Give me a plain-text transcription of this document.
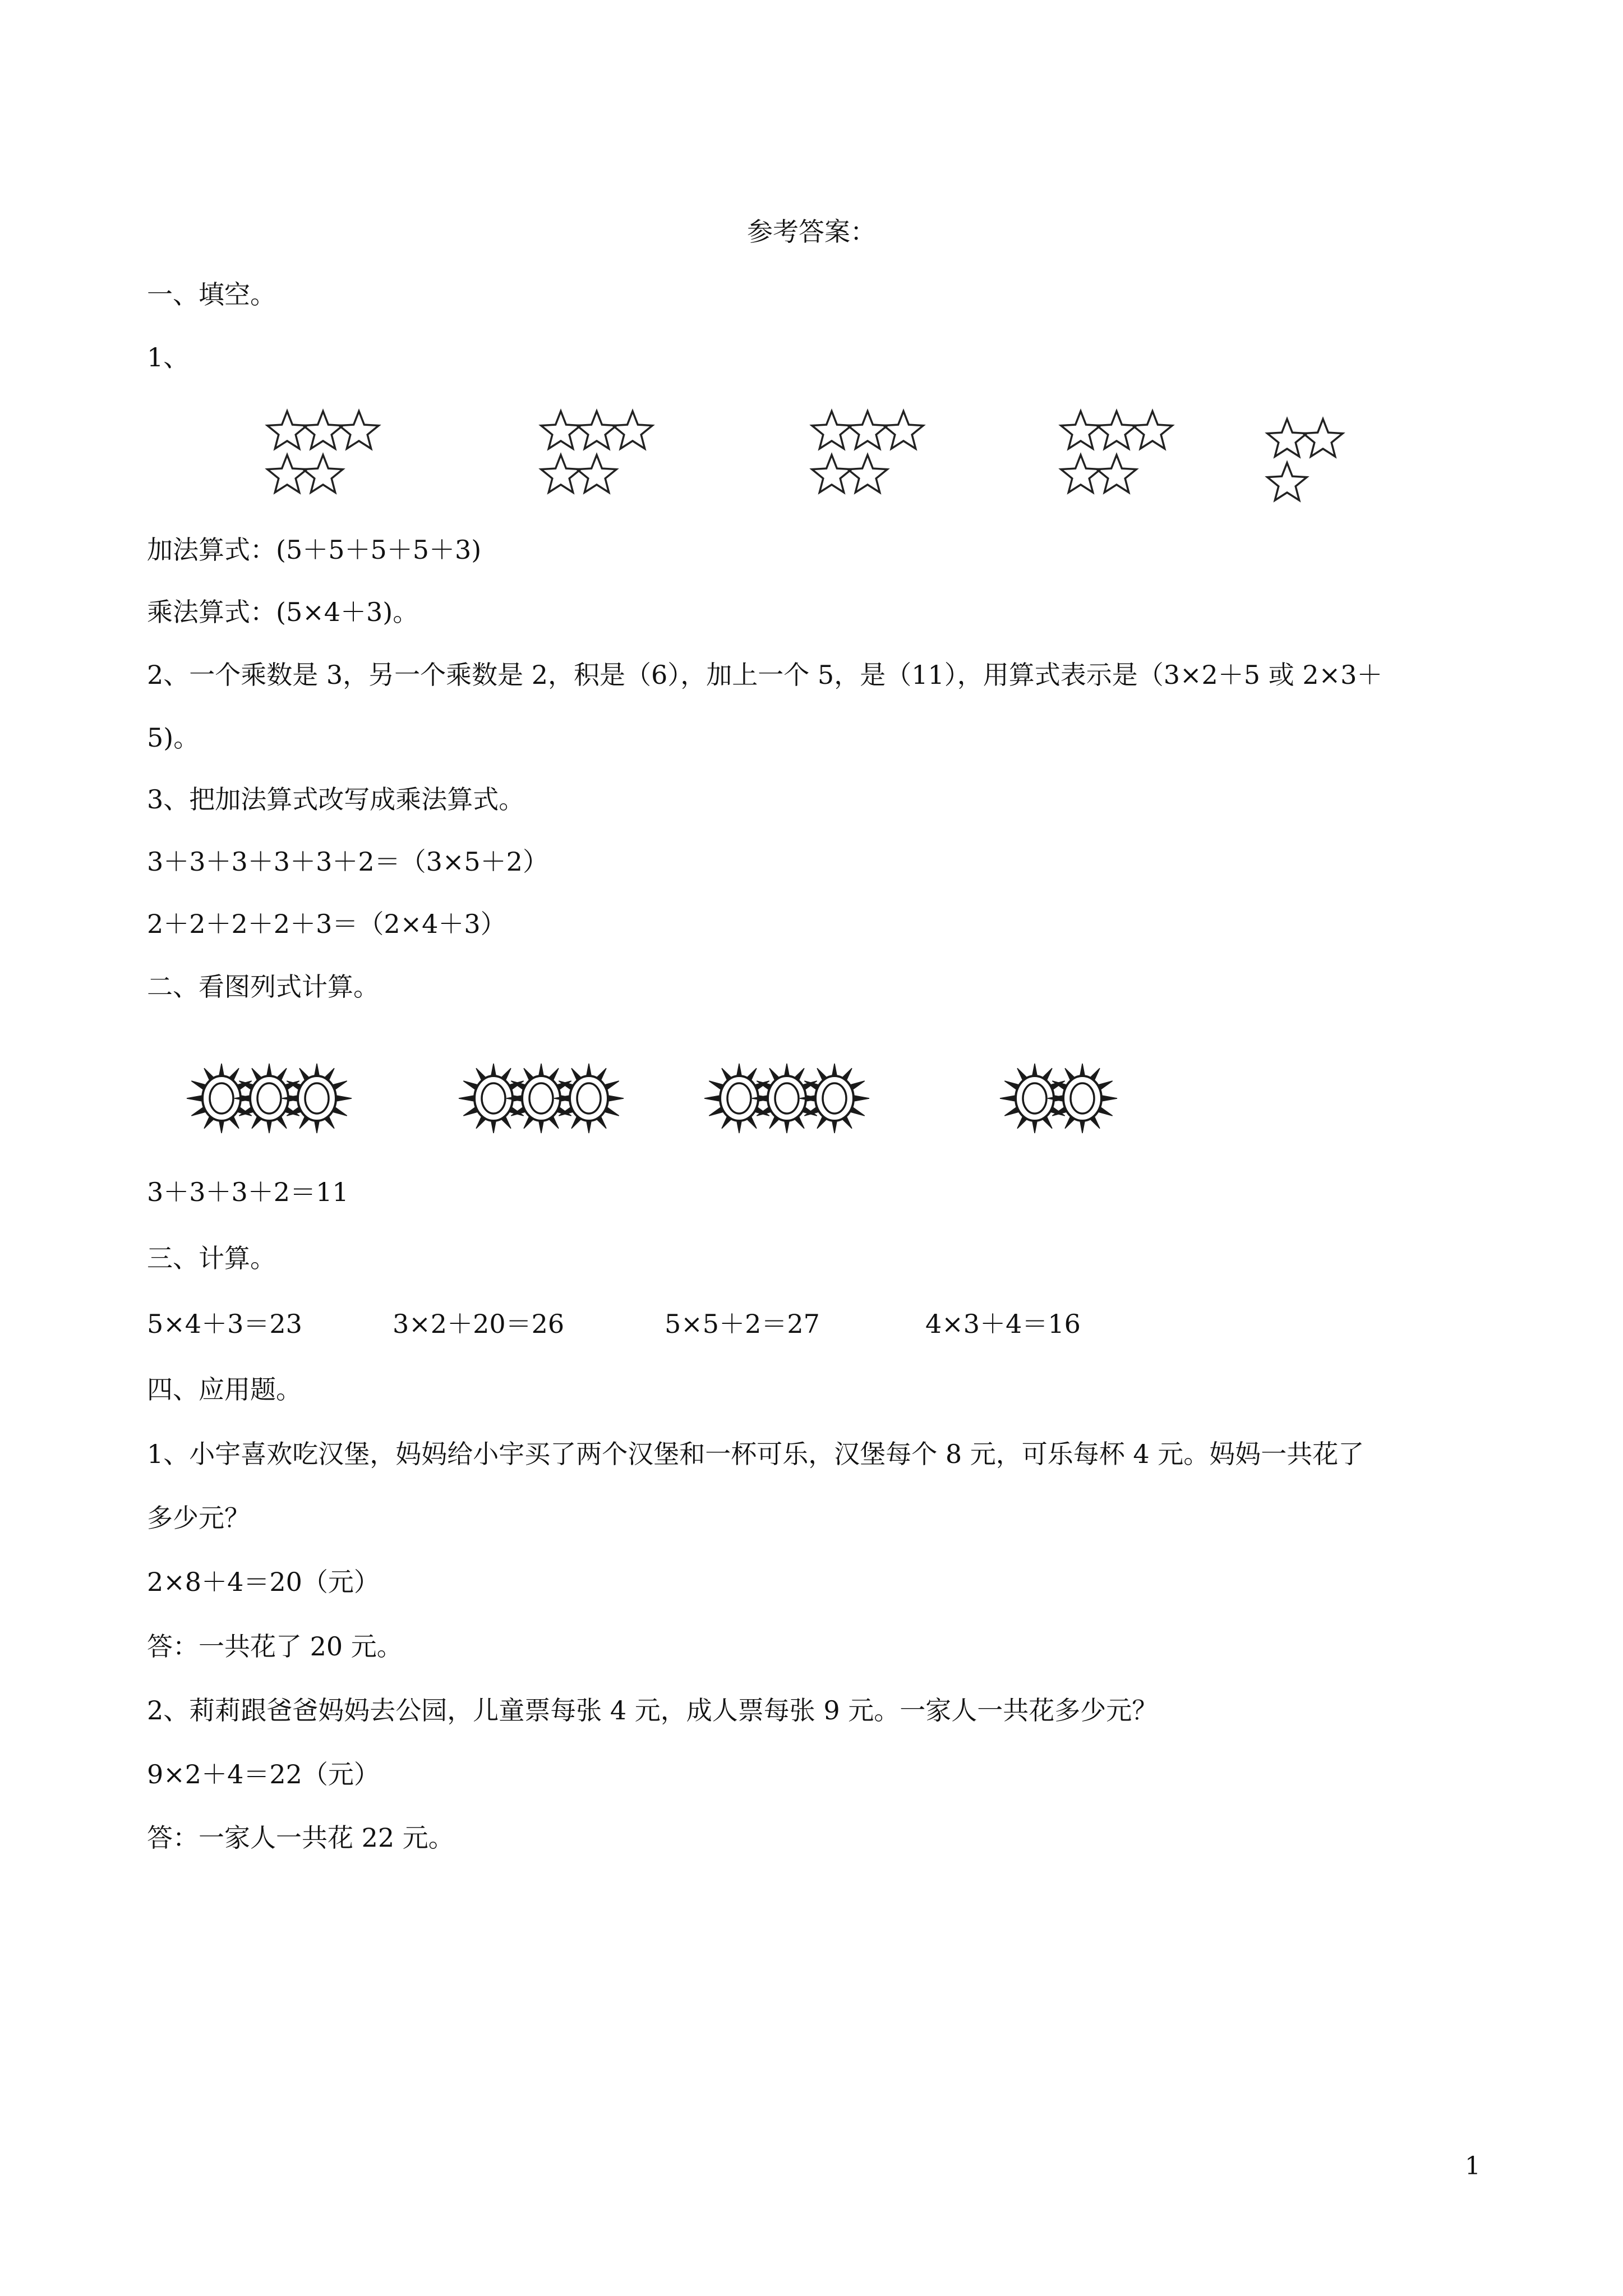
参考答案：
一、填空。
1、
加法算式：(5＋5＋5＋5＋3)
乘法算式：(5×4＋3)。
2、一个乘数是 3，另一个乘数是 2，积是（6），加上一个 5，是（11），用算式表示是（3×2＋5 或 2×3＋
5)。
3、把加法算式改写成乘法算式。
3＋3＋3＋3＋3＋2＝（3×5＋2）
2＋2＋2＋2＋3＝（2×4＋3）
二、看图列式计算。
3＋3＋3＋2＝11
三、计算。
5×4＋3＝23	3×2＋20＝26	5×5＋2＝27	4×3＋4＝16
四、应用题。
1、小宇喜欢吃汉堡，妈妈给小宇买了两个汉堡和一杯可乐，汉堡每个 8 元，可乐每杯 4 元。妈妈一共花了
多少元？
2×8＋4＝20（元）
答：一共花了 20 元。
2、莉莉跟爸爸妈妈去公园，儿童票每张 4 元，成人票每张 9 元。一家人一共花多少元？
9×2＋4＝22（元）
答：一家人一共花 22 元。
1
